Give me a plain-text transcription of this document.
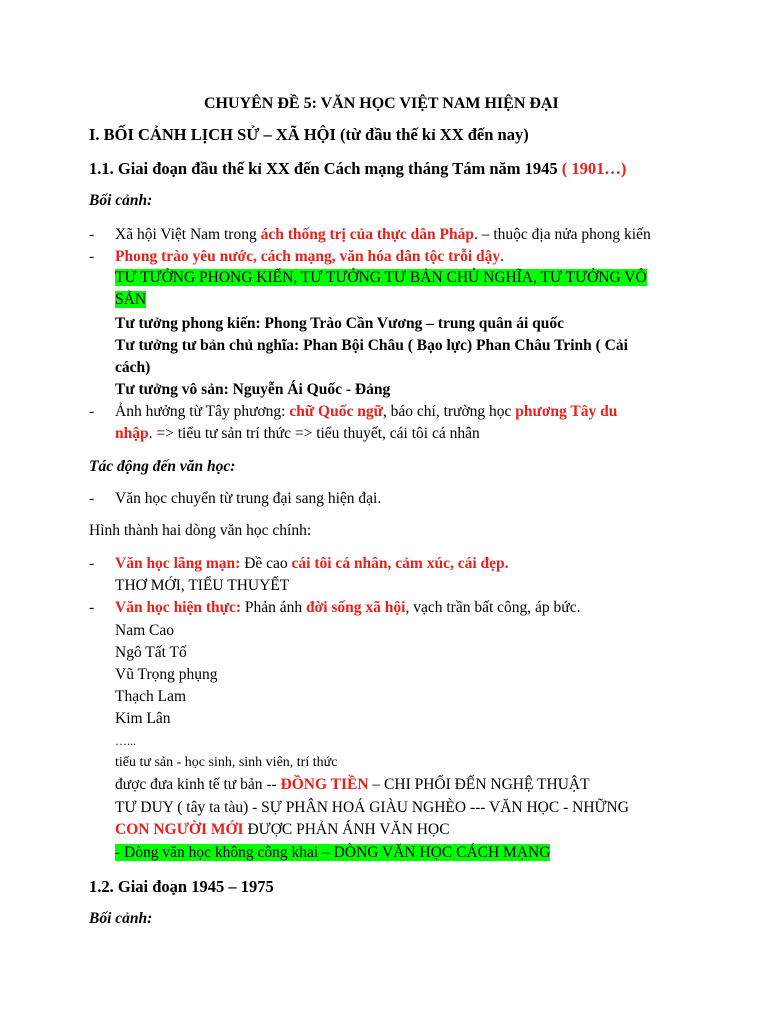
CHUYÊN ĐỀ 5: VĂN HỌC VIỆT NAM HIỆN ĐẠI
I. BỐI CẢNH LỊCH SỬ – XÃ HỘI (từ đầu thế kỉ XX đến nay)
1.1. Giai đoạn đầu thế kỉ XX đến Cách mạng tháng Tám năm 1945 ( 1901…)
Bối cảnh:
- Xã hội Việt Nam trong ách thống trị của thực dân Pháp. – thuộc địa nửa phong kiến
- Phong trào yêu nước, cách mạng, văn hóa dân tộc trỗi dậy.
TƯ TƯỞNG PHONG KIẾN, TƯ TƯỞNG TƯ BẢN CHỦ NGHĨA, TƯ TƯỞNG VÔ
SẢN
Tư tưởng phong kiến: Phong Trào Cần Vương – trung quân ái quốc
Tư tưởng tư bản chủ nghĩa: Phan Bội Châu ( Bạo lực) Phan Châu Trinh ( Cải
cách)
Tư tưởng vô sản: Nguyễn Ái Quốc - Đảng
- Ảnh hưởng từ Tây phương: chữ Quốc ngữ, báo chí, trường học phương Tây du
nhập. => tiểu tư sản trí thức => tiểu thuyết, cái tôi cá nhân
Tác động đến văn học:
- Văn học chuyển từ trung đại sang hiện đại.
Hình thành hai dòng văn học chính:
- Văn học lãng mạn: Đề cao cái tôi cá nhân, cảm xúc, cái đẹp.
THƠ MỚI, TIỂU THUYẾT
- Văn học hiện thực: Phản ánh đời sống xã hội, vạch trần bất công, áp bức.
Nam Cao
Ngô Tất Tố
Vũ Trọng phụng
Thạch Lam
Kim Lân
…...
tiểu tư sản - học sinh, sinh viên, trí thức
được đưa kinh tế tư bản -- ĐỒNG TIỀN – CHI PHỐI ĐẾN NGHỆ THUẬT
TƯ DUY ( tây ta tàu) - SỰ PHÂN HOÁ GIÀU NGHÈO --- VĂN HỌC - NHỮNG
CON NGƯỜI MỚI ĐƯỢC PHẢN ÁNH VĂN HỌC
- Dòng văn học không công khai – DÒNG VĂN HỌC CÁCH MẠNG
1.2. Giai đoạn 1945 – 1975
Bối cảnh:
